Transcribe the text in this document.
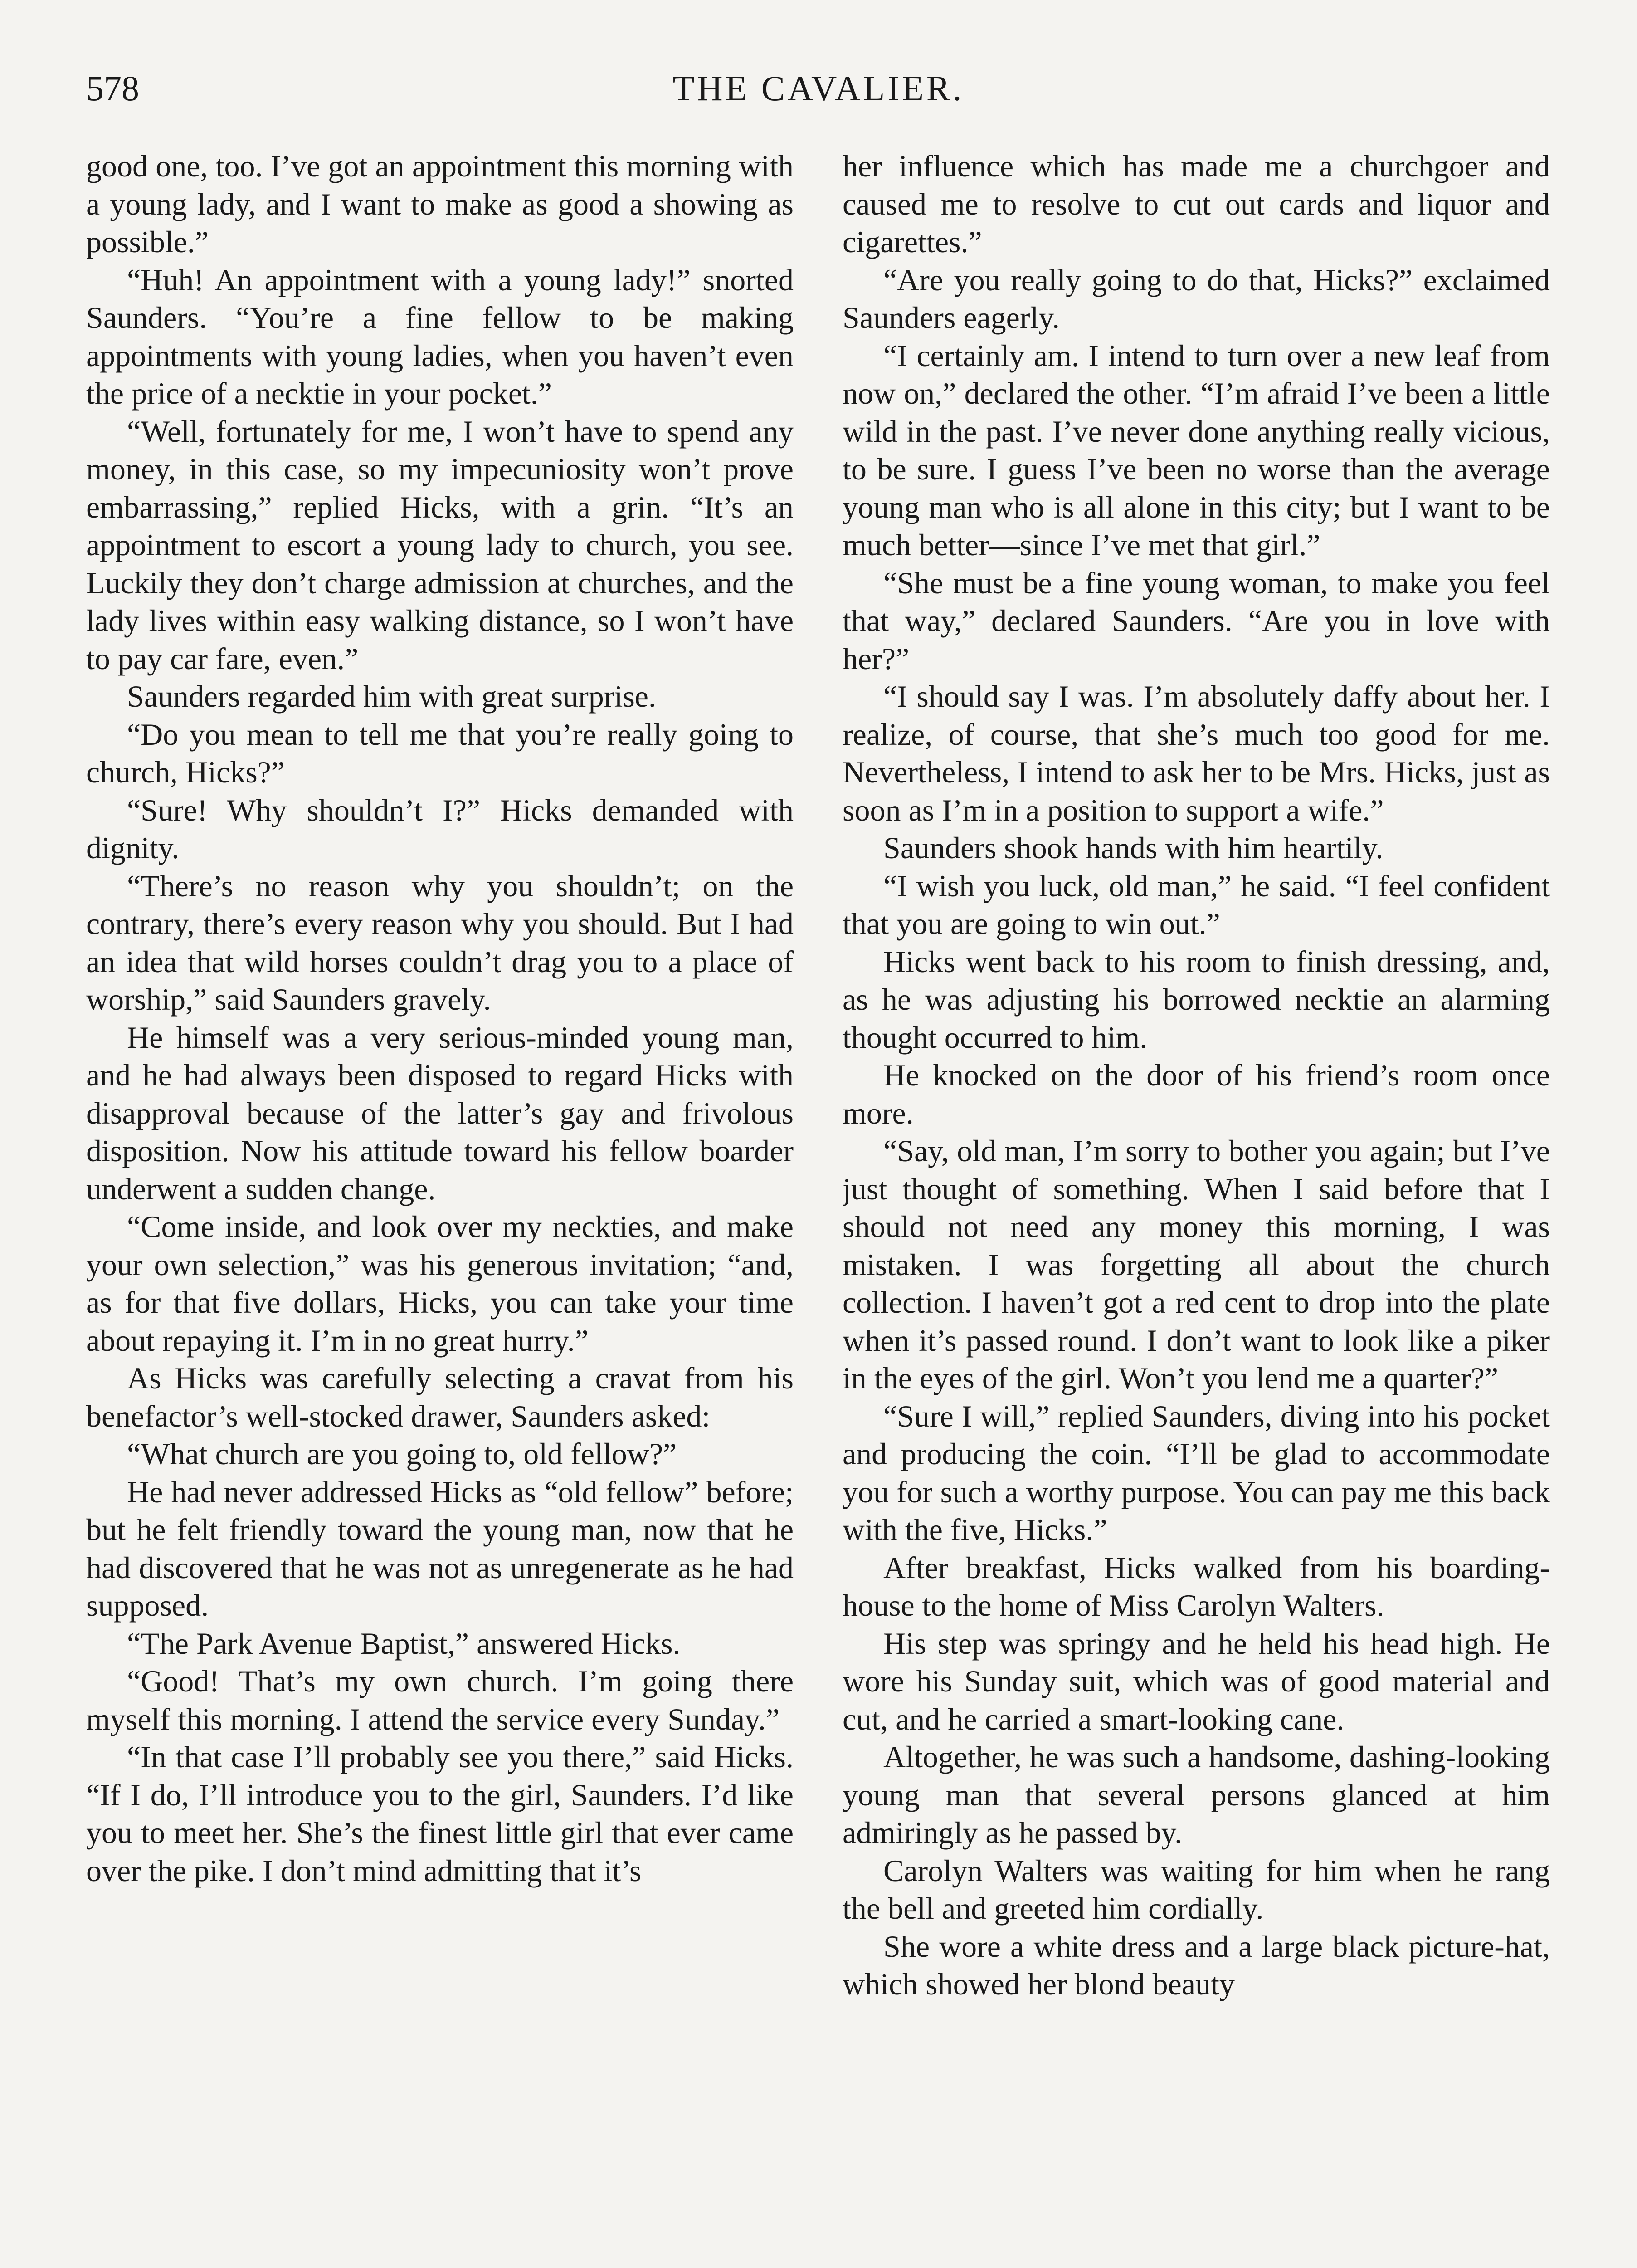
578	THE CAVALIER.

good one, too. I’ve got an appointment this morning with a young lady, and I want to make as good a showing as possible.”

“Huh! An appointment with a young lady!” snorted Saunders. “You’re a fine fellow to be making appointments with young ladies, when you haven’t even the price of a necktie in your pocket.”

“Well, fortunately for me, I won’t have to spend any money, in this case, so my impecuniosity won’t prove embarrassing,” replied Hicks, with a grin. “It’s an appointment to escort a young lady to church, you see. Luckily they don’t charge admission at churches, and the lady lives within easy walking distance, so I won’t have to pay car fare, even.”

Saunders regarded him with great surprise.

“Do you mean to tell me that you’re really going to church, Hicks?”

“Sure! Why shouldn’t I?” Hicks demanded with dignity.

“There’s no reason why you shouldn’t; on the contrary, there’s every reason why you should. But I had an idea that wild horses couldn’t drag you to a place of worship,” said Saunders gravely.

He himself was a very serious-minded young man, and he had always been disposed to regard Hicks with disapproval because of the latter’s gay and frivolous disposition. Now his attitude toward his fellow boarder underwent a sudden change.

“Come inside, and look over my neckties, and make your own selection,” was his generous invitation; “and, as for that five dollars, Hicks, you can take your time about repaying it. I’m in no great hurry.”

As Hicks was carefully selecting a cravat from his benefactor’s well-stocked drawer, Saunders asked:

“What church are you going to, old fellow?”

He had never addressed Hicks as “old fellow” before; but he felt friendly toward the young man, now that he had discovered that he was not as unregenerate as he had supposed.

“The Park Avenue Baptist,” answered Hicks.

“Good! That’s my own church. I’m going there myself this morning. I attend the service every Sunday.”

“In that case I’ll probably see you there,” said Hicks. “If I do, I’ll introduce you to the girl, Saunders. I’d like you to meet her. She’s the finest little girl that ever came over the pike. I don’t mind admitting that it’s

her influence which has made me a churchgoer and caused me to resolve to cut out cards and liquor and cigarettes.”

“Are you really going to do that, Hicks?” exclaimed Saunders eagerly.

“I certainly am. I intend to turn over a new leaf from now on,” declared the other. “I’m afraid I’ve been a little wild in the past. I’ve never done anything really vicious, to be sure. I guess I’ve been no worse than the average young man who is all alone in this city; but I want to be much better—since I’ve met that girl.”

“She must be a fine young woman, to make you feel that way,” declared Saunders. “Are you in love with her?”

“I should say I was. I’m absolutely daffy about her. I realize, of course, that she’s much too good for me. Nevertheless, I intend to ask her to be Mrs. Hicks, just as soon as I’m in a position to support a wife.”

Saunders shook hands with him heartily.

“I wish you luck, old man,” he said. “I feel confident that you are going to win out.”

Hicks went back to his room to finish dressing, and, as he was adjusting his borrowed necktie an alarming thought occurred to him.

He knocked on the door of his friend’s room once more.

“Say, old man, I’m sorry to bother you again; but I’ve just thought of something. When I said before that I should not need any money this morning, I was mistaken. I was forgetting all about the church collection. I haven’t got a red cent to drop into the plate when it’s passed round. I don’t want to look like a piker in the eyes of the girl. Won’t you lend me a quarter?”

“Sure I will,” replied Saunders, diving into his pocket and producing the coin. “I’ll be glad to accommodate you for such a worthy purpose. You can pay me this back with the five, Hicks.”

After breakfast, Hicks walked from his boarding-house to the home of Miss Carolyn Walters.

His step was springy and he held his head high. He wore his Sunday suit, which was of good material and cut, and he carried a smart-looking cane.

Altogether, he was such a handsome, dashing-looking young man that several persons glanced at him admiringly as he passed by.

Carolyn Walters was waiting for him when he rang the bell and greeted him cordially.

She wore a white dress and a large black picture-hat, which showed her blond beauty
